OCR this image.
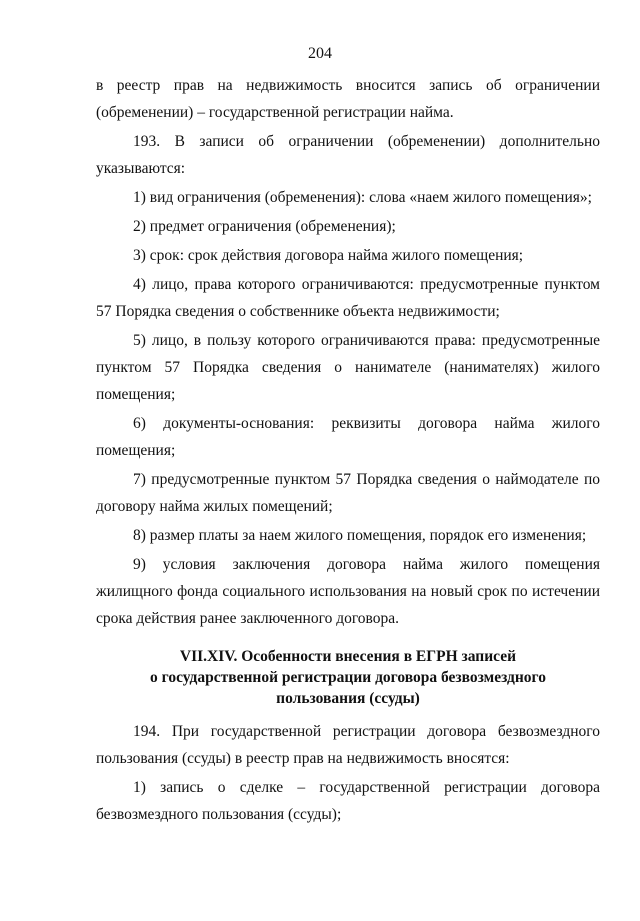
204

в реестр прав на недвижимость вносится запись об ограничении (обременении) – государственной регистрации найма.

193. В записи об ограничении (обременении) дополнительно указываются:

1) вид ограничения (обременения): слова «наем жилого помещения»;

2) предмет ограничения (обременения);

3) срок: срок действия договора найма жилого помещения;

4) лицо, права которого ограничиваются: предусмотренные пунктом 57 Порядка сведения о собственнике объекта недвижимости;

5) лицо, в пользу которого ограничиваются права: предусмотренные пунктом 57 Порядка сведения о нанимателе (нанимателях) жилого помещения;

6) документы-основания: реквизиты договора найма жилого помещения;

7) предусмотренные пунктом 57 Порядка сведения о наймодателе по договору найма жилых помещений;

8) размер платы за наем жилого помещения, порядок его изменения;

9) условия заключения договора найма жилого помещения жилищного фонда социального использования на новый срок по истечении срока действия ранее заключенного договора.

VII.XIV. Особенности внесения в ЕГРН записей

о государственной регистрации договора безвозмездного

пользования (ссуды)

194. При государственной регистрации договора безвозмездного пользования (ссуды) в реестр прав на недвижимость вносятся:

1) запись о сделке – государственной регистрации договора безвозмездного пользования (ссуды);
